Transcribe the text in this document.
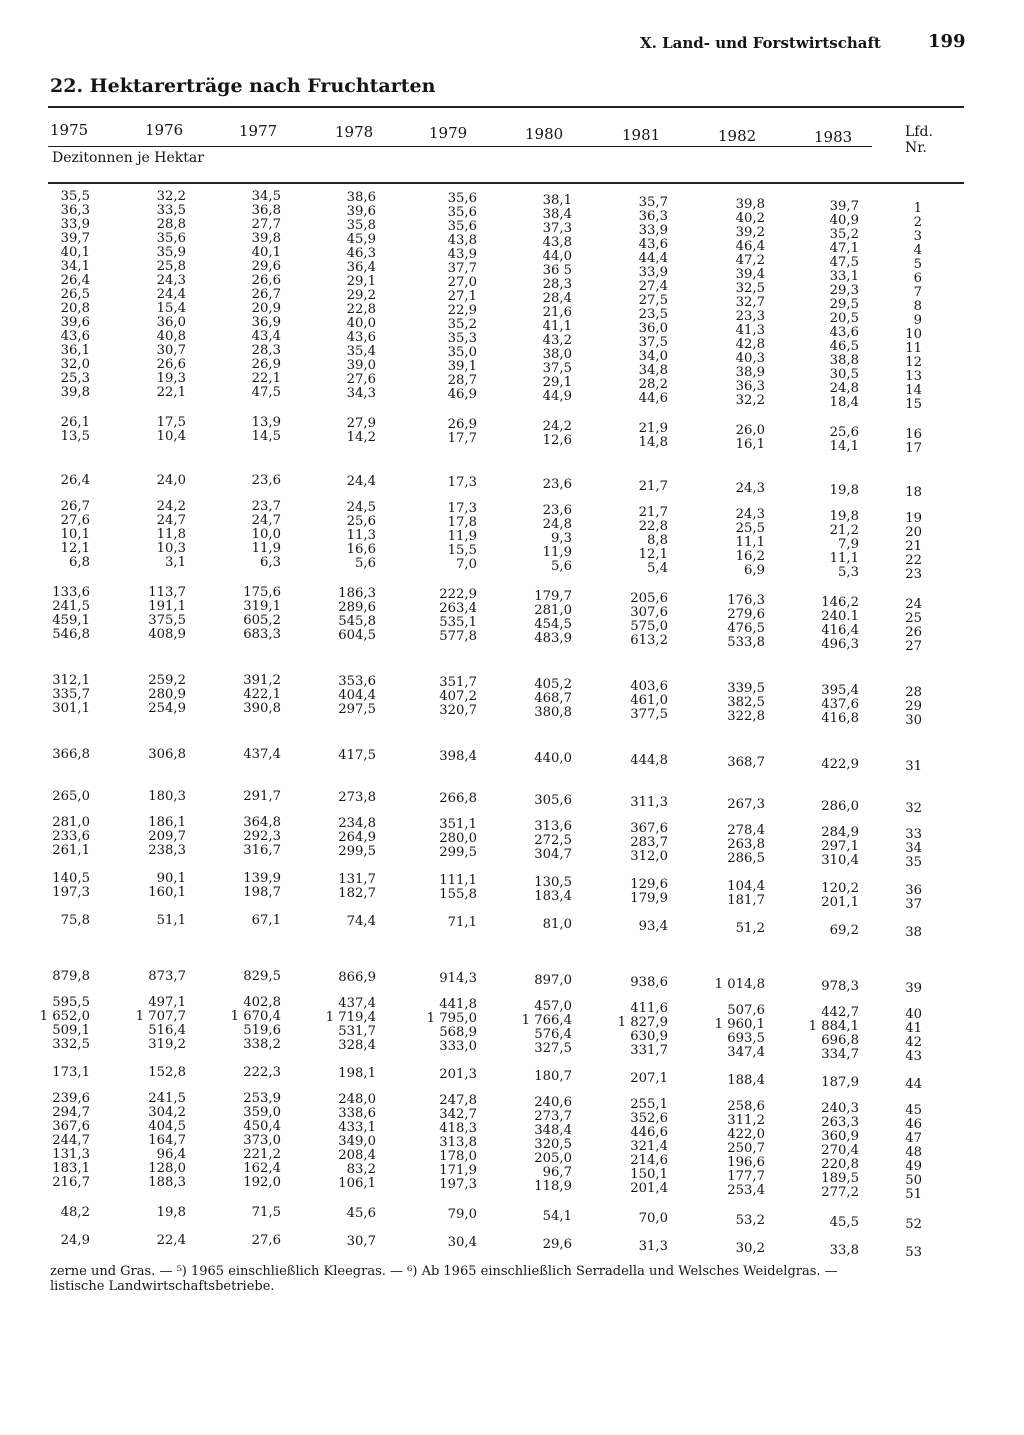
X. Land- und Forstwirtschaft	199
22. Hektarerträge nach Fruchtarten
1975	1976	1977	1978	1979	1980	1981	1982	1983	Lfd.
Nr.
Dezitonnen je Hektar
35,5	32,2	34,5	38,6	35,6	38,1	35,7	39,8	39,7	1
36,3	33,5	36,8	39,6	35,6	38,4	36,3	40,2	40,9	2
33,9	28,8	27,7	35,8	35,6	37,3	33,9	39,2	35,2	3
39,7	35,6	39,8	45,9	43,8	43,8	43,6	46,4	47,1	4
40,1	35,9	40,1	46,3	43,9	44,0	44,4	47,2	47,5	5
34,1	25,8	29,6	36,4	37,7	36 5	33,9	39,4	33,1	6
26,4	24,3	26,6	29,1	27,0	28,3	27,4	32,5	29,3	7
26,5	24,4	26,7	29,2	27,1	28,4	27,5	32,7	29,5	8
20,8	15,4	20,9	22,8	22,9	21,6	23,5	23,3	20,5	9
39,6	36,0	36,9	40,0	35,2	41,1	36,0	41,3	43,6	10
43,6	40,8	43,4	43,6	35,3	43,2	37,5	42,8	46,5	11
36,1	30,7	28,3	35,4	35,0	38,0	34,0	40,3	38,8	12
32,0	26,6	26,9	39,0	39,1	37,5	34,8	38,9	30,5	13
25,3	19,3	22,1	27,6	28,7	29,1	28,2	36,3	24,8	14
39,8	22,1	47,5	34,3	46,9	44,9	44,6	32,2	18,4	15
26,1	17,5	13,9	27,9	26,9	24,2	21,9	26,0	25,6	16
13,5	10,4	14,5	14,2	17,7	12,6	14,8	16,1	14,1	17
26,4	24,0	23,6	24,4	17,3	23,6	21,7	24,3	19,8	18
26,7	24,2	23,7	24,5	17,3	23,6	21,7	24,3	19,8	19
27,6	24,7	24,7	25,6	17,8	24,8	22,8	25,5	21,2	20
10,1	11,8	10,0	11,3	11,9	9,3	8,8	11,1	7,9	21
12,1	10,3	11,9	16,6	15,5	11,9	12,1	16,2	11,1	22
6,8	3,1	6,3	5,6	7,0	5,6	5,4	6,9	5,3	23
133,6	113,7	175,6	186,3	222,9	179,7	205,6	176,3	146,2	24
241,5	191,1	319,1	289,6	263,4	281,0	307,6	279,6	240.1	25
459,1	375,5	605,2	545,8	535,1	454,5	575,0	476,5	416,4	26
546,8	408,9	683,3	604,5	577,8	483,9	613,2	533,8	496,3	27
312,1	259,2	391,2	353,6	351,7	405,2	403,6	339,5	395,4	28
335,7	280,9	422,1	404,4	407,2	468,7	461,0	382,5	437,6	29
301,1	254,9	390,8	297,5	320,7	380,8	377,5	322,8	416,8	30
366,8	306,8	437,4	417,5	398,4	440,0	444,8	368,7	422,9	31
265,0	180,3	291,7	273,8	266,8	305,6	311,3	267,3	286,0	32
281,0	186,1	364,8	234,8	351,1	313,6	367,6	278,4	284,9	33
233,6	209,7	292,3	264,9	280,0	272,5	283,7	263,8	297,1	34
261,1	238,3	316,7	299,5	299,5	304,7	312,0	286,5	310,4	35
140,5	90,1	139,9	131,7	111,1	130,5	129,6	104,4	120,2	36
197,3	160,1	198,7	182,7	155,8	183,4	179,9	181,7	201,1	37
75,8	51,1	67,1	74,4	71,1	81,0	93,4	51,2	69,2	38
879,8	873,7	829,5	866,9	914,3	897,0	938,6	1 014,8	978,3	39
595,5	497,1	402,8	437,4	441,8	457,0	411,6	507,6	442,7	40
1 652,0	1 707,7	1 670,4	1 719,4	1 795,0	1 766,4	1 827,9	1 960,1	1 884,1	41
509,1	516,4	519,6	531,7	568,9	576,4	630,9	693,5	696,8	42
332,5	319,2	338,2	328,4	333,0	327,5	331,7	347,4	334,7	43
173,1	152,8	222,3	198,1	201,3	180,7	207,1	188,4	187,9	44
239,6	241,5	253,9	248,0	247,8	240,6	255,1	258,6	240,3	45
294,7	304,2	359,0	338,6	342,7	273,7	352,6	311,2	263,3	46
367,6	404,5	450,4	433,1	418,3	348,4	446,6	422,0	360,9	47
244,7	164,7	373,0	349,0	313,8	320,5	321,4	250,7	270,4	48
131,3	96,4	221,2	208,4	178,0	205,0	214,6	196,6	220,8	49
183,1	128,0	162,4	83,2	171,9	96,7	150,1	177,7	189,5	50
216,7	188,3	192,0	106,1	197,3	118,9	201,4	253,4	277,2	51
48,2	19,8	71,5	45,6	79,0	54,1	70,0	53,2	45,5	52
24,9	22,4	27,6	30,7	30,4	29,6	31,3	30,2	33,8	53
zerne und Gras. — ⁵) 1965 einschließlich Kleegras. — ⁶) Ab 1965 einschließlich Serradella und Welsches Weidelgras. —
listische Landwirtschaftsbetriebe.
